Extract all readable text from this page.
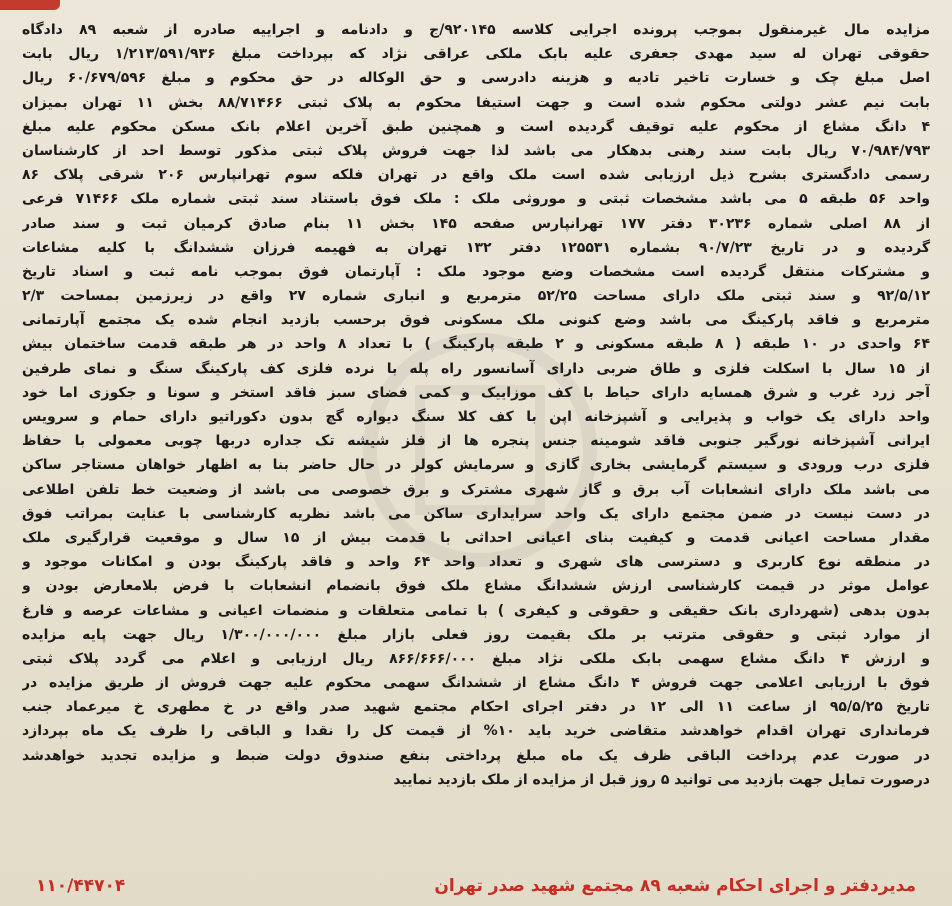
مزایده مال غیرمنقول بموجب پرونده اجرایی کلاسه ۹۲۰۱۴۵/ج و دادنامه و اجراییه صادره از شعبه ۸۹ دادگاه
حقوقی تهران له سید مهدی جعفری علیه بابک ملکی عراقی نژاد که بپرداخت مبلغ ۱/۲۱۳/۵۹۱/۹۳۶ ریال بابت
اصل مبلغ چک و خسارت تاخیر تادیه و هزینه دادرسی و حق الوکاله در حق محکوم و مبلغ ۶۰/۶۷۹/۵۹۶ ریال
بابت نیم عشر دولتی محکوم شده است و جهت استیفا محکوم به پلاک ثبتی ۸۸/۷۱۴۶۶ بخش ۱۱ تهران بمیزان
۴ دانگ مشاع از محکوم علیه توقیف گردیده است و همچنین طبق آخرین اعلام بانک مسکن محکوم علیه مبلغ
۷۰/۹۸۴/۷۹۳ ریال بابت سند رهنی بدهکار می باشد لذا جهت فروش پلاک ثبتی مذکور توسط احد از کارشناسان
رسمی دادگستری بشرح ذیل ارزیابی شده است ملک واقع در تهران فلکه سوم تهرانپارس ۲۰۶ شرقی پلاک ۸۶
واحد ۵۶ طبقه ۵ می باشد مشخصات ثبتی و موروثی ملک : ملک فوق باستناد سند ثبتی شماره ملک ۷۱۴۶۶ فرعی
از ۸۸ اصلی شماره ۳۰۲۳۶ دفتر ۱۷۷ تهرانپارس صفحه ۱۴۵ بخش ۱۱ بنام صادق کرمیان ثبت و سند صادر
گردیده و در تاریخ ۹۰/۷/۲۳ بشماره ۱۲۵۵۳۱ دفتر ۱۳۲ تهران به فهیمه فرزان ششدانگ با کلیه مشاعات
و مشترکات منتقل گردیده است مشخصات وضع موجود ملک : آپارتمان فوق بموجب نامه ثبت و اسناد تاریخ
۹۲/۵/۱۲ و سند ثبتی ملک دارای مساحت ۵۲/۲۵ مترمربع و انباری شماره ۲۷ واقع در زیرزمین بمساحت ۲/۳
مترمربع و فاقد پارکینگ می باشد وضع کنونی ملک مسکونی فوق برحسب بازدید انجام شده یک مجتمع آپارتمانی
۶۴ واحدی در ۱۰ طبقه ( ۸ طبقه مسکونی و ۲ طبقه پارکینگ ) با تعداد ۸ واحد در هر طبقه قدمت ساختمان بیش
از ۱۵ سال با اسکلت فلزی و طاق ضربی دارای آسانسور راه پله با نرده فلزی کف پارکینگ سنگ و نمای طرفین
آجر زرد غرب و شرق همسایه دارای حیاط با کف موزاییک و کمی فضای سبز فاقد استخر و سونا و جکوزی اما خود
واحد دارای یک خواب و پذیرایی و آشپزخانه اپن با کف کلا سنگ دیواره گچ بدون دکوراتیو دارای حمام و سرویس
ایرانی آشپزخانه نورگیر جنوبی فاقد شومینه جنس پنجره ها از فلز شیشه تک جداره دربها چوبی معمولی با حفاظ
فلزی درب ورودی و سیستم گرمایشی بخاری گازی و سرمایش کولر در حال حاضر بنا به اظهار خواهان مستاجر ساکن
می باشد ملک دارای انشعابات آب برق و گاز شهری مشترک و برق خصوصی می باشد از وضعیت خط تلفن اطلاعی
در دست نیست در ضمن مجتمع دارای یک واحد سرایداری ساکن می باشد نظریه کارشناسی با عنایت بمراتب فوق
مقدار مساحت اعیانی قدمت و کیفیت بنای اعیانی احداثی با قدمت بیش از ۱۵ سال و موقعیت قرارگیری ملک
در منطقه نوع کاربری و دسترسی های شهری و تعداد واحد ۶۴ واحد و فاقد پارکینگ بودن و امکانات موجود و
عوامل موثر در قیمت کارشناسی ارزش ششدانگ مشاع ملک فوق بانضمام انشعابات با فرض بلامعارض بودن و
بدون بدهی (شهرداری بانک حقیقی و حقوقی و کیفری ) با تمامی متعلقات و منضمات اعیانی و مشاعات عرصه و فارغ
از موارد ثبتی و حقوقی مترتب بر ملک بقیمت روز فعلی بازار مبلغ ۱/۳۰۰/۰۰۰/۰۰۰ ریال جهت پایه مزایده
و ارزش ۴ دانگ مشاع سهمی بابک ملکی نژاد مبلغ ۸۶۶/۶۶۶/۰۰۰ ریال ارزیابی و اعلام می گردد پلاک ثبتی
فوق با ارزیابی اعلامی جهت فروش ۴ دانگ مشاع از ششدانگ سهمی محکوم علیه جهت فروش از طریق مزایده در
تاریخ ۹۵/۵/۲۵ از ساعت ۱۱ الی ۱۲ در دفتر اجرای احکام مجتمع شهید صدر واقع در خ مطهری خ میرعماد جنب
فرمانداری تهران اقدام خواهدشد متقاضی خرید باید ۱۰% از قیمت کل را نقدا و الباقی را ظرف یک ماه بپردازد
در صورت عدم پرداخت الباقی ظرف یک ماه مبلغ پرداختی بنفع صندوق دولت ضبط و مزایده تجدید خواهدشد
درصورت تمایل جهت بازدید می توانید ۵ روز قبل از مزایده از ملک بازدید نمایید
مدیردفتر و اجرای احکام شعبه ۸۹ مجتمع شهید صدر تهران
۱۱۰/۴۴۷۰۴
